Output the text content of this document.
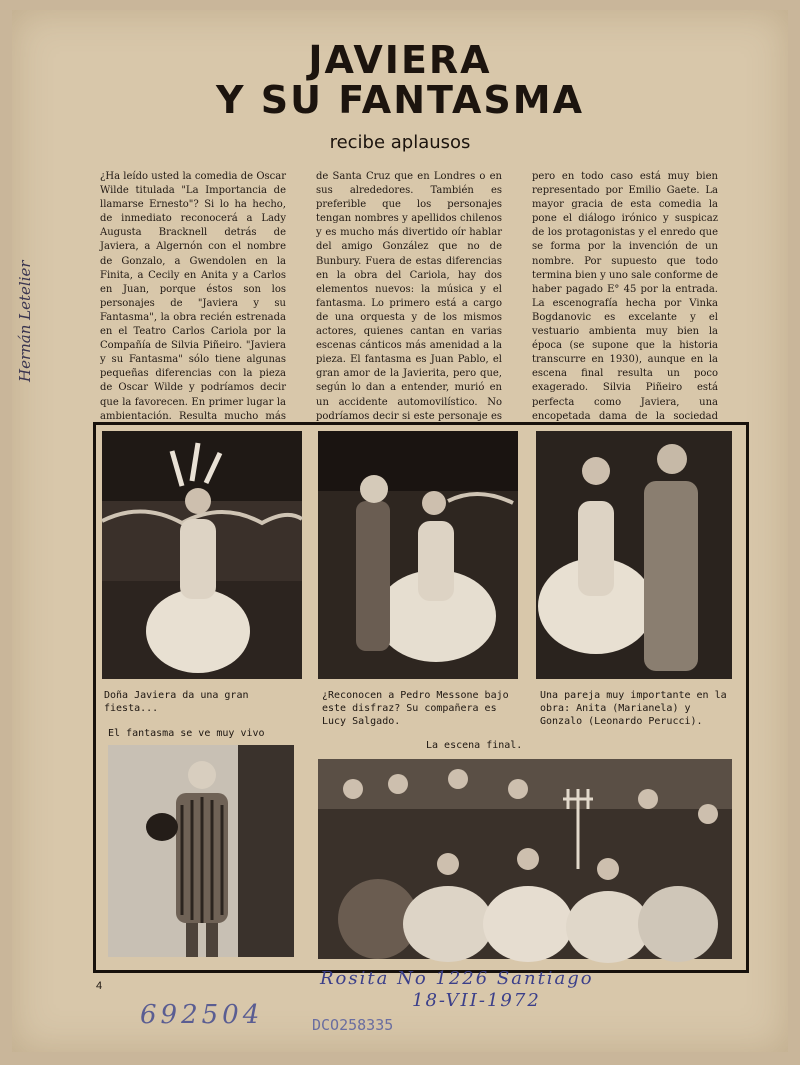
JAVIERA
Y SU FANTASMA
recibe aplausos
Hernán Letelier

¿Ha leído usted la comedia de Oscar Wilde titulada "La Importancia de llamarse Ernesto"? Si lo ha hecho, de inmediato reconocerá a Lady Augusta Bracknell detrás de Javiera, a Algernón con el nombre de Gonzalo, a Gwendolen en la Finita, a Cecily en Anita y a Carlos en Juan, porque éstos son los personajes de "Javiera y su Fantasma", la obra recién estrenada en el Teatro Carlos Cariola por la Compañía de Silvia Piñeiro. "Javiera y su Fantasma" sólo tiene algunas pequeñas diferencias con la pieza de Oscar Wilde y podríamos decir que la favorecen. En primer lugar la ambientación. Resulta mucho más

de Santa Cruz que en Londres o en sus alrededores. También es preferible que los personajes tengan nombres y apellidos chilenos y es mucho más divertido oír hablar del amigo González que no de Bunbury. Fuera de estas diferencias en la obra del Cariola, hay dos elementos nuevos: la música y el fantasma. Lo primero está a cargo de una orquesta y de los mismos actores, quienes cantan en varias escenas cánticos más amenidad a la pieza. El fantasma es Juan Pablo, el gran amor de la Javierita, pero que, según lo dan a entender, murió en un accidente automovilístico. No podríamos decir si este personaje es

pero en todo caso está muy bien representado por Emilio Gaete. La mayor gracia de esta comedia la pone el diálogo irónico y suspicaz de los protagonistas y el enredo que se forma por la invención de un nombre. Por supuesto que todo termina bien y uno sale conforme de haber pagado E° 45 por la entrada. La escenografía hecha por Vinka Bogdanovic es excelante y el vestuario ambienta muy bien la época (se supone que la historia transcurre en 1930), aunque en la escena final resulta un poco exagerado. Silvia Piñeiro está perfecta como Javiera, una encopetada dama de la sociedad

Doña Javiera da una gran fiesta...
El fantasma se ve muy vivo
¿Reconocen a Pedro Messone bajo este disfraz? Su compañera es Lucy Salgado.
Una pareja muy importante en la obra: Anita (Marianela) y Gonzalo (Leonardo Perucci).
La escena final.
Rosita No 1226 Santiago
18-VII-1972
692504	DCO258335
4
